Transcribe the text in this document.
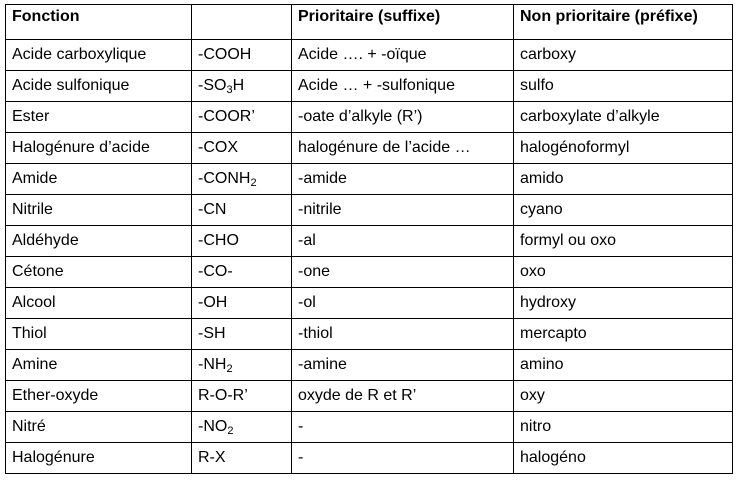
Fonction		Prioritaire (suffixe)	Non prioritaire (préfixe)
Acide carboxylique	-COOH	Acide …. + -oïque	carboxy
Acide sulfonique	$-SO_3H$	Acide … + -sulfonique	sulfo
Ester	-COOR’	-oate d’alkyle (R’)	carboxylate d’alkyle
Halogénure d’acide	-COX	halogénure de l’acide …	halogénoformyl
Amide	$-CONH_2$	-amide	amido
Nitrile	-CN	-nitrile	cyano
Aldéhyde	-CHO	-al	formyl ou oxo
Cétone	-CO-	-one	oxo
Alcool	-OH	-ol	hydroxy
Thiol	-SH	-thiol	mercapto
Amine	$-NH_2$	-amine	amino
Ether-oxyde	R-O-R’	oxyde de R et R’	oxy
Nitré	$-NO_2$	-	nitro
Halogénure	R-X	-	halogéno
